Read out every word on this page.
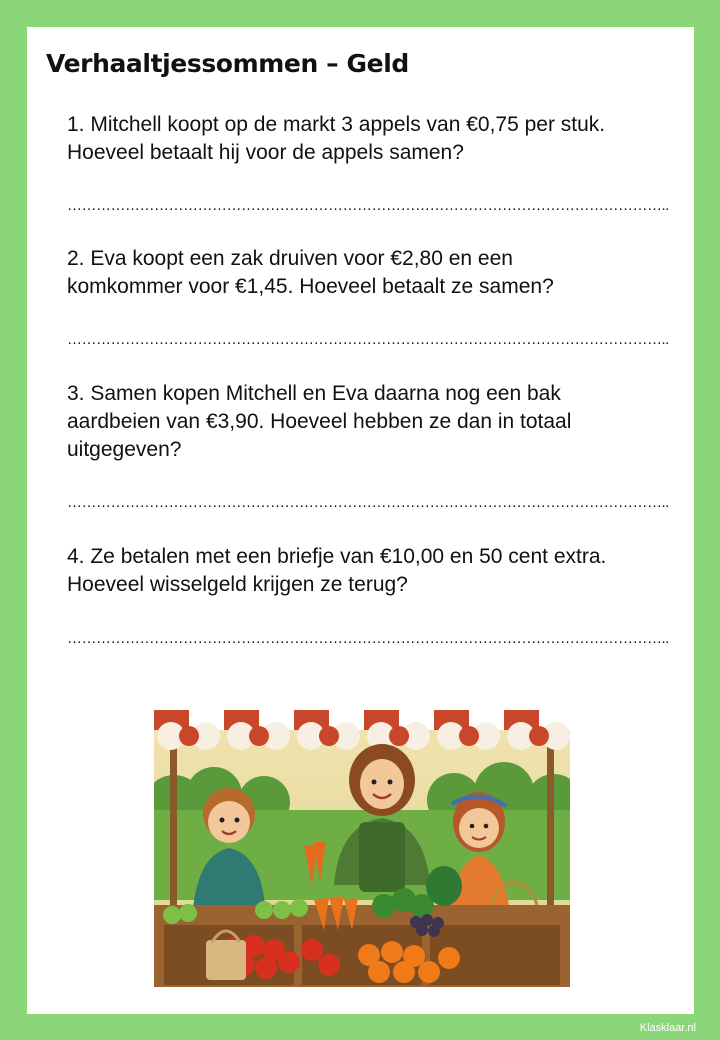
Verhaaltjessommen – Geld
1. Mitchell koopt op de markt 3 appels van €0,75 per stuk.
Hoeveel betaalt hij voor de appels samen?
……………………………………………………………………………………………………………..
2. Eva koopt een zak druiven voor €2,80 en een
komkommer voor €1,45. Hoeveel betaalt ze samen?
……………………………………………………………………………………………………………..
3. Samen kopen Mitchell en Eva daarna nog een bak
aardbeien van €3,90. Hoeveel hebben ze dan in totaal
uitgegeven?
……………………………………………………………………………………………………………..
4. Ze betalen met een briefje van €10,00 en 50 cent extra.
Hoeveel wisselgeld krijgen ze terug?
……………………………………………………………………………………………………………..
Klasklaar.nl
